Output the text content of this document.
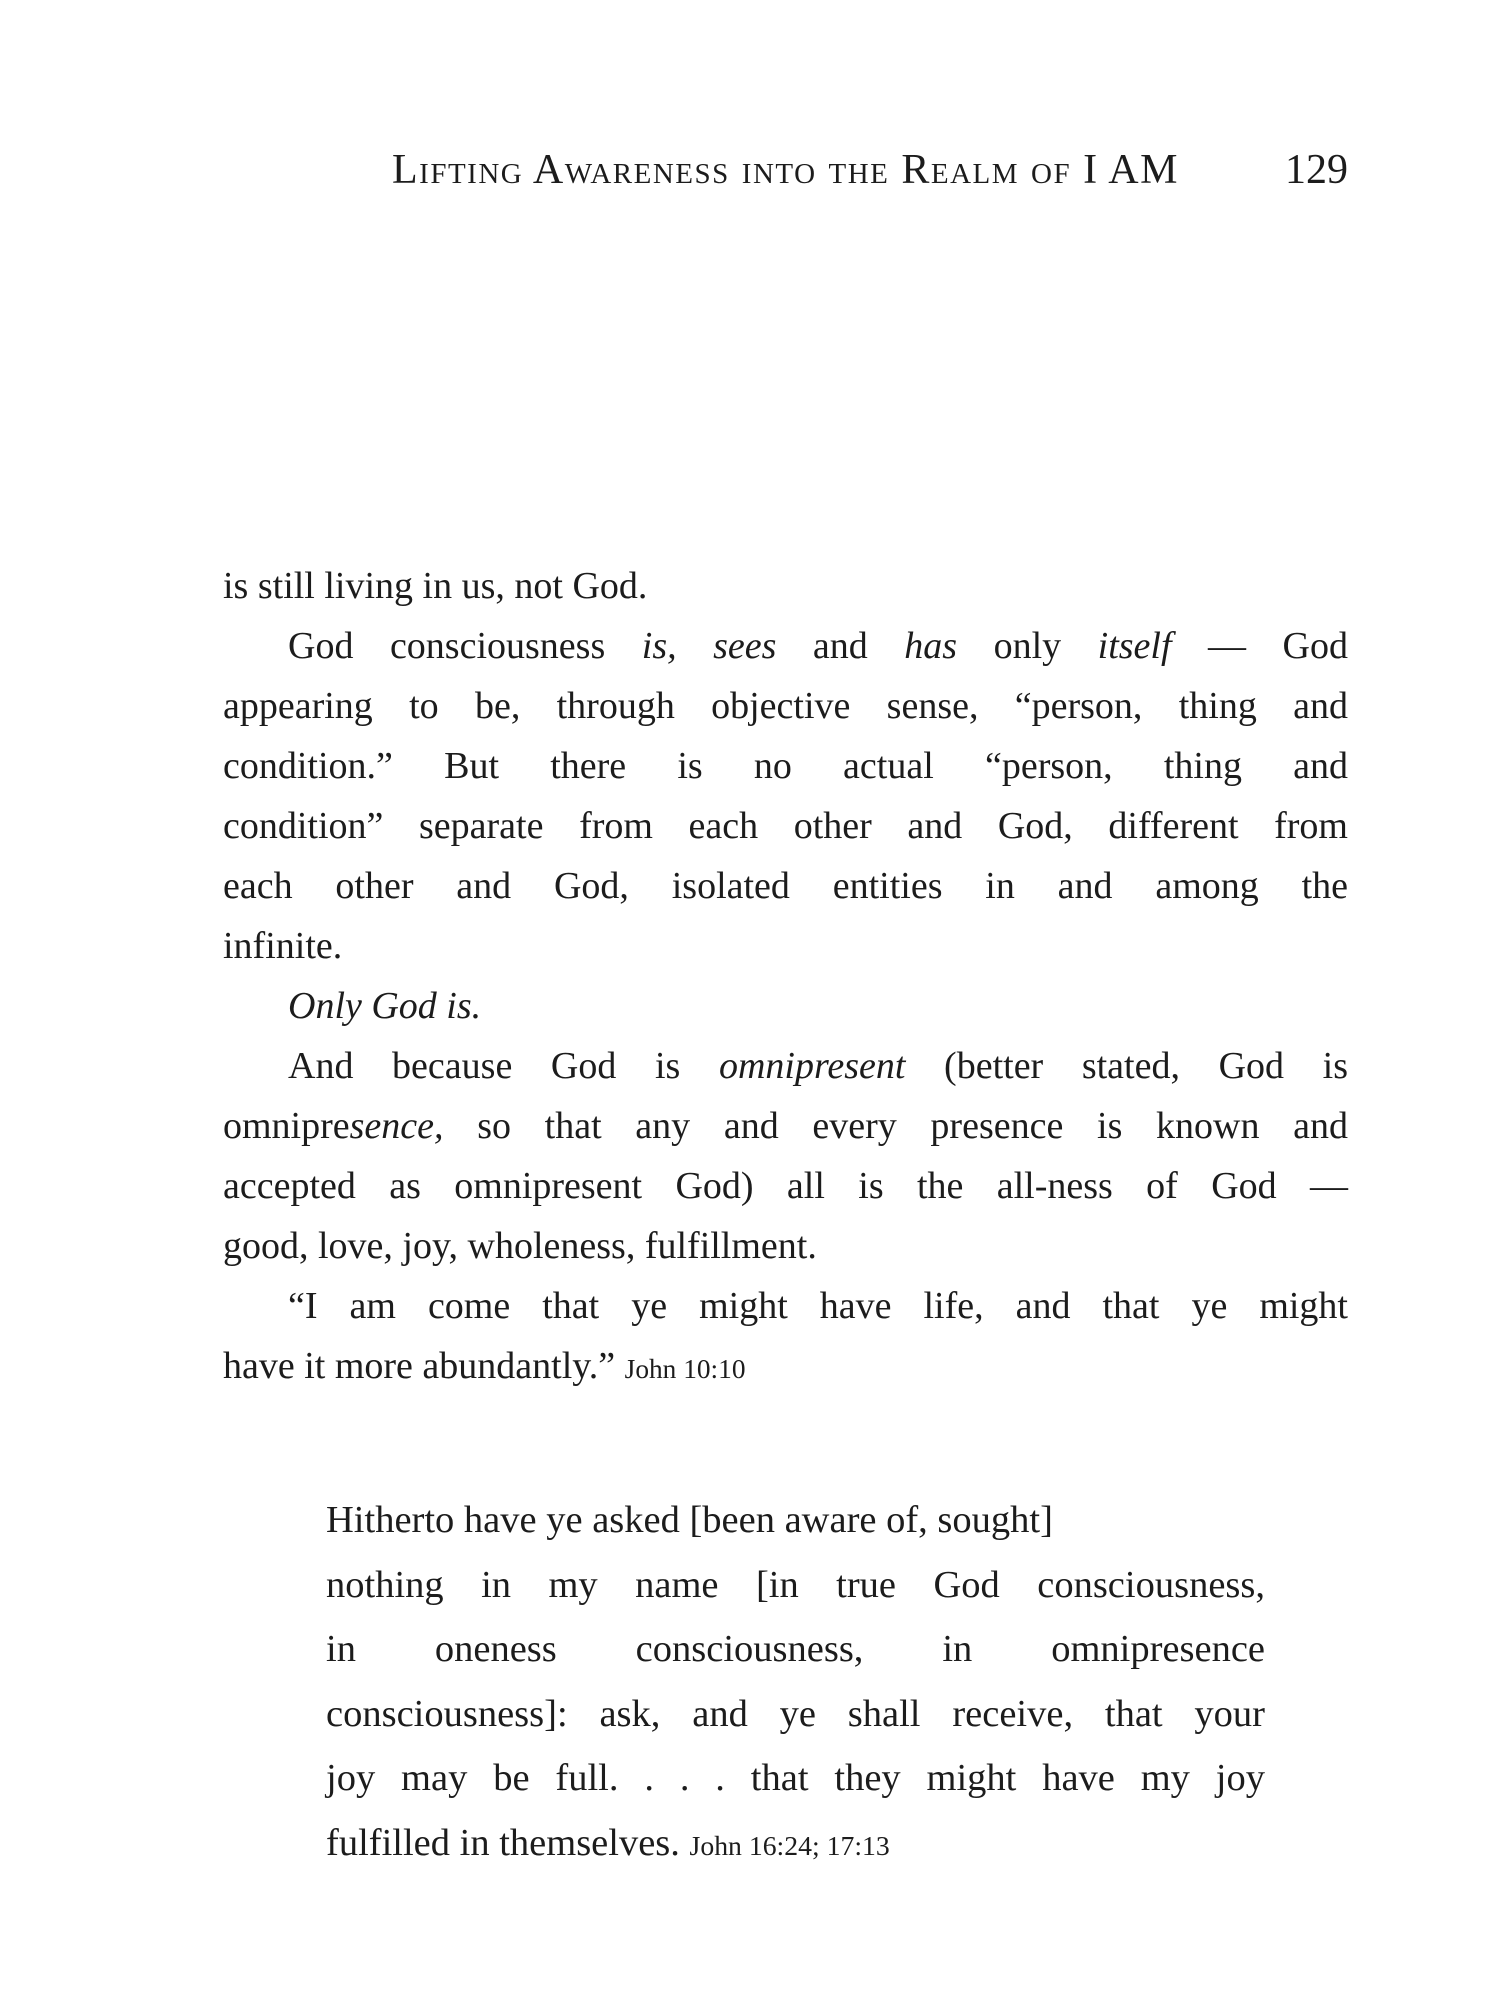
Lifting Awareness into the Realm of I AM	129
is still living in us, not God.
God consciousness is, sees and has only itself — God
appearing to be, through objective sense, “person, thing and
condition.” But there is no actual “person, thing and
condition” separate from each other and God, different from
each other and God, isolated entities in and among the
infinite.
Only God is.
And because God is omnipresent (better stated, God is
omnipresence, so that any and every presence is known and
accepted as omnipresent God) all is the all-ness of God —
good, love, joy, wholeness, fulfillment.
“I am come that ye might have life, and that ye might
have it more abundantly.” John 10:10
Hitherto have ye asked [been aware of, sought]
nothing in my name [in true God consciousness,
in oneness consciousness, in omnipresence
consciousness]: ask, and ye shall receive, that your
joy may be full. . . . that they might have my joy
fulfilled in themselves. John 16:24; 17:13
